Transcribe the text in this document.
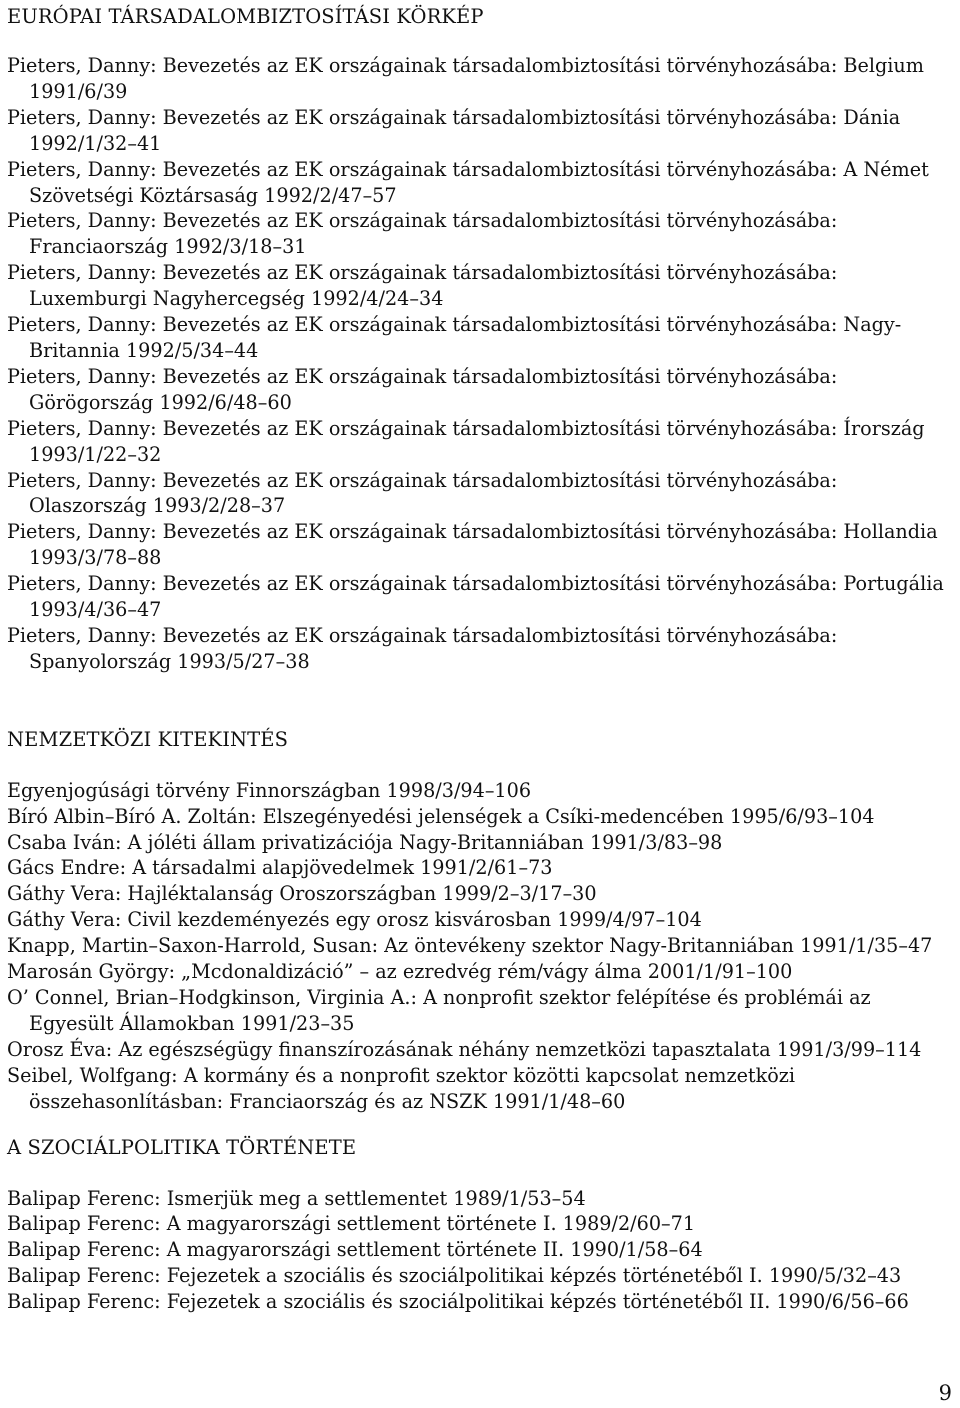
EURÓPAI TÁRSADALOMBIZTOSÍTÁSI KÖRKÉP
Pieters, Danny: Bevezetés az EK országainak társadalombiztosítási törvényhozásába: Belgium 1991/6/39
Pieters, Danny: Bevezetés az EK országainak társadalombiztosítási törvényhozásába: Dánia 1992/1/32–41
Pieters, Danny: Bevezetés az EK országainak társadalombiztosítási törvényhozásába: A Német Szövetségi Köztársaság 1992/2/47–57
Pieters, Danny: Bevezetés az EK országainak társadalombiztosítási törvényhozásába: Franciaország 1992/3/18–31
Pieters, Danny: Bevezetés az EK országainak társadalombiztosítási törvényhozásába: Luxemburgi Nagyhercegség 1992/4/24–34
Pieters, Danny: Bevezetés az EK országainak társadalombiztosítási törvényhozásába: Nagy-Britannia 1992/5/34–44
Pieters, Danny: Bevezetés az EK országainak társadalombiztosítási törvényhozásába: Görögország 1992/6/48–60
Pieters, Danny: Bevezetés az EK országainak társadalombiztosítási törvényhozásába: Írország 1993/1/22–32
Pieters, Danny: Bevezetés az EK országainak társadalombiztosítási törvényhozásába: Olaszország 1993/2/28–37
Pieters, Danny: Bevezetés az EK országainak társadalombiztosítási törvényhozásába: Hollandia 1993/3/78–88
Pieters, Danny: Bevezetés az EK országainak társadalombiztosítási törvényhozásába: Portugália 1993/4/36–47
Pieters, Danny: Bevezetés az EK országainak társadalombiztosítási törvényhozásába: Spanyolország 1993/5/27–38
NEMZETKÖZI KITEKINTÉS
Egyenjogúsági törvény Finnországban 1998/3/94–106
Bíró Albin–Bíró A. Zoltán: Elszegényedési jelenségek a Csíki-medencében 1995/6/93–104
Csaba Iván: A jóléti állam privatizációja Nagy-Britanniában 1991/3/83–98
Gács Endre: A társadalmi alapjövedelmek 1991/2/61–73
Gáthy Vera: Hajléktalanság Oroszországban 1999/2–3/17–30
Gáthy Vera: Civil kezdeményezés egy orosz kisvárosban 1999/4/97–104
Knapp, Martin–Saxon-Harrold, Susan: Az öntevékeny szektor Nagy-Britanniában 1991/1/35–47
Marosán György: „Mcdonaldizáció” – az ezredvég rém/vágy álma 2001/1/91–100
O’ Connel, Brian–Hodgkinson, Virginia A.: A nonprofit szektor felépítése és problémái az Egyesült Államokban 1991/23–35
Orosz Éva: Az egészségügy finanszírozásának néhány nemzetközi tapasztalata 1991/3/99–114
Seibel, Wolfgang: A kormány és a nonprofit szektor közötti kapcsolat nemzetközi összehasonlításban: Franciaország és az NSZK 1991/1/48–60
A SZOCIÁLPOLITIKA TÖRTÉNETE
Balipap Ferenc: Ismerjük meg a settlementet 1989/1/53–54
Balipap Ferenc: A magyarországi settlement története I. 1989/2/60–71
Balipap Ferenc: A magyarországi settlement története II. 1990/1/58–64
Balipap Ferenc: Fejezetek a szociális és szociálpolitikai képzés történetéből I. 1990/5/32–43
Balipap Ferenc: Fejezetek a szociális és szociálpolitikai képzés történetéből II. 1990/6/56–66
9
